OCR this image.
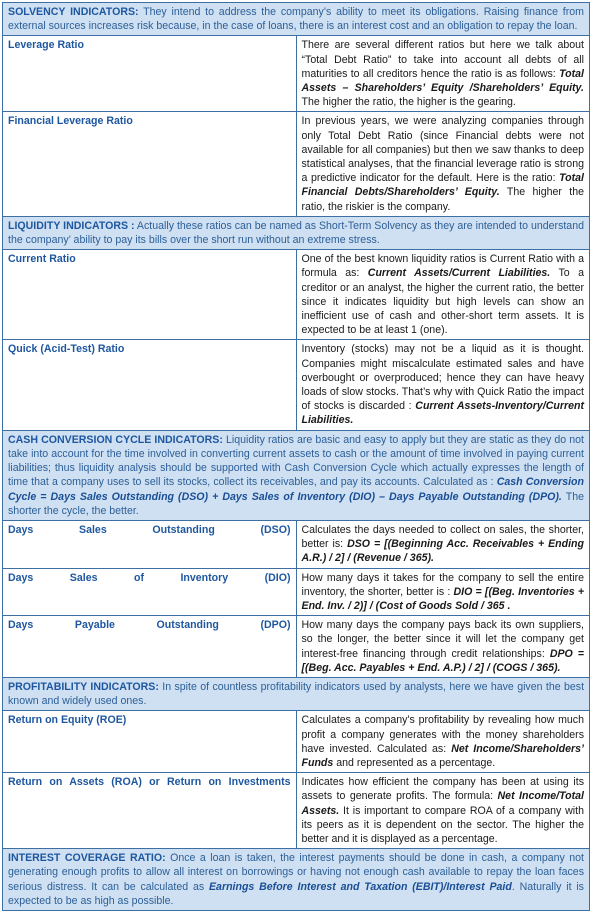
SOLVENCY INDICATORS: They intend to address the company’s ability to meet its obligations. Raising finance from external sources increases risk because, in the case of loans, there is an interest cost and an obligation to repay the loan.	
Leverage Ratio	There are several different ratios but here we talk about “Total Debt Ratio” to take into account all debts of all maturities to all creditors hence the ratio is as follows: Total Assets – Shareholders’ Equity /Shareholders’ Equity. The higher the ratio, the higher is the gearing.
Financial Leverage Ratio	In previous years, we were analyzing companies through only Total Debt Ratio (since Financial debts were not available for all companies) but then we saw thanks to deep statistical analyses, that the financial leverage ratio is strong a predictive indicator for the default. Here is the ratio: Total Financial Debts/Shareholders’ Equity. The higher the ratio, the riskier is the company.
LIQUIDITY INDICATORS : Actually these ratios can be named as Short-Term Solvency as they are intended to understand the company’ ability to pay its bills over the short run without an extreme stress.	
Current Ratio	One of the best known liquidity ratios is Current Ratio with a formula as: Current Assets/Current Liabilities. To a creditor or an analyst, the higher the current ratio, the better since it indicates liquidity but high levels can show an inefficient use of cash and other-short term assets. It is expected to be at least 1 (one).
Quick (Acid-Test) Ratio	Inventory (stocks) may not be a liquid as it is thought. Companies might miscalculate estimated sales and have overbought or overproduced; hence they can have heavy loads of slow stocks. That’s why with Quick Ratio the impact of stocks is discarded : Current Assets-Inventory/Current Liabilities.
CASH CONVERSION CYCLE INDICATORS: Liquidity ratios are basic and easy to apply but they are static as they do not take into account for the time involved in converting current assets to cash or the amount of time involved in paying current liabilities; thus liquidity analysis should be supported with Cash Conversion Cycle which actually expresses the length of time that a company uses to sell its stocks, collect its receivables, and pay its accounts. Calculated as : Cash Conversion Cycle = Days Sales Outstanding (DSO) + Days Sales of Inventory (DIO) – Days Payable Outstanding (DPO). The shorter the cycle, the better.	
Days Sales Outstanding (DSO)	Calculates the days needed to collect on sales, the shorter, better is: DSO = [(Beginning Acc. Receivables + Ending A.R.) / 2] / (Revenue / 365).
Days Sales of Inventory (DIO)	How many days it takes for the company to sell the entire inventory, the shorter, better is : DIO = [(Beg. Inventories + End. Inv. / 2)] / (Cost of Goods Sold / 365 .
Days Payable Outstanding (DPO)	How many days the company pays back its own suppliers, so the longer, the better since it will let the company get interest-free financing through credit relationships: DPO = [(Beg. Acc. Payables + End. A.P.) / 2] / (COGS / 365).
PROFITABILITY INDICATORS: In spite of countless profitability indicators used by analysts, here we have given the best known and widely used ones.	
Return on Equity (ROE)	Calculates a company's profitability by revealing how much profit a company generates with the money shareholders have invested. Calculated as: Net Income/Shareholders’ Funds and represented as a percentage.
Return on Assets (ROA) or Return on Investments	Indicates how efficient the company has been at using its assets to generate profits. The formula: Net Income/Total Assets. It is important to compare ROA of a company with its peers as it is dependent on the sector. The higher the better and it is displayed as a percentage.
INTEREST COVERAGE RATIO: Once a loan is taken, the interest payments should be done in cash, a company not generating enough profits to allow all interest on borrowings or having not enough cash available to repay the loan faces serious distress. It can be calculated as Earnings Before Interest and Taxation (EBIT)/Interest Paid. Naturally it is expected to be as high as possible.	
